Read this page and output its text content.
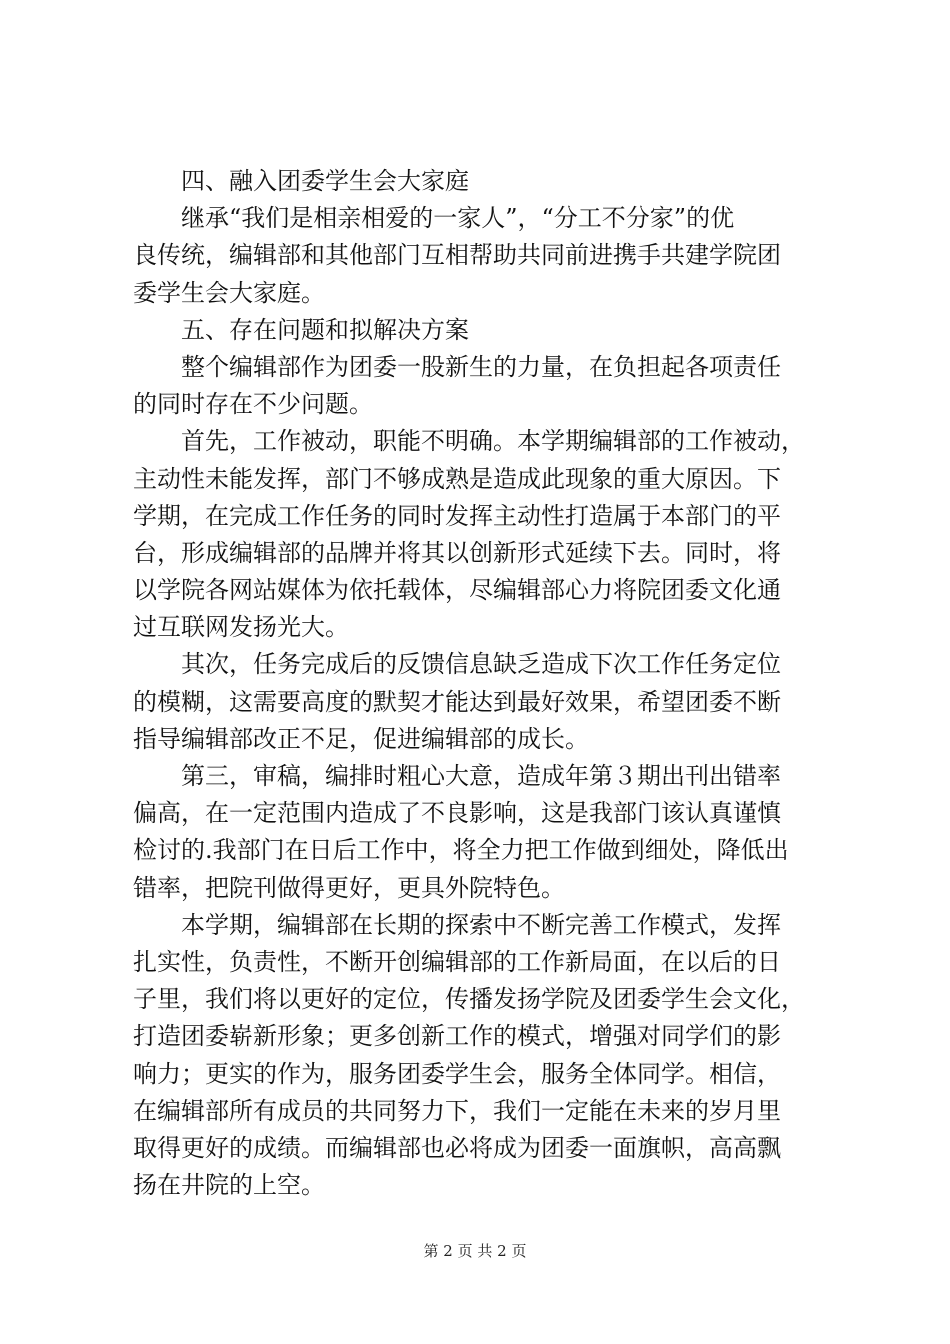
　　四、融入团委学生会大家庭
　　继承“我们是相亲相爱的一家人”，“分工不分家”的优
良传统，编辑部和其他部门互相帮助共同前进携手共建学院团
委学生会大家庭。
　　五、存在问题和拟解决方案
　　整个编辑部作为团委一股新生的力量，在负担起各项责任
的同时存在不少问题。
　　首先，工作被动，职能不明确。本学期编辑部的工作被动，
主动性未能发挥，部门不够成熟是造成此现象的重大原因。下
学期，在完成工作任务的同时发挥主动性打造属于本部门的平
台，形成编辑部的品牌并将其以创新形式延续下去。同时，将
以学院各网站媒体为依托载体，尽编辑部心力将院团委文化通
过互联网发扬光大。
　　其次，任务完成后的反馈信息缺乏造成下次工作任务定位
的模糊，这需要高度的默契才能达到最好效果，希望团委不断
指导编辑部改正不足，促进编辑部的成长。
　　第三，审稿，编排时粗心大意，造成年第３期出刊出错率
偏高，在一定范围内造成了不良影响，这是我部门该认真谨慎
检讨的.我部门在日后工作中，将全力把工作做到细处，降低出
错率，把院刊做得更好，更具外院特色。
　　本学期，编辑部在长期的探索中不断完善工作模式，发挥
扎实性，负责性，不断开创编辑部的工作新局面，在以后的日
子里，我们将以更好的定位，传播发扬学院及团委学生会文化，
打造团委崭新形象；更多创新工作的模式，增强对同学们的影
响力；更实的作为，服务团委学生会，服务全体同学。相信，
在编辑部所有成员的共同努力下，我们一定能在未来的岁月里
取得更好的成绩。而编辑部也必将成为团委一面旗帜，高高飘
扬在井院的上空。
第 2 页 共 2 页
